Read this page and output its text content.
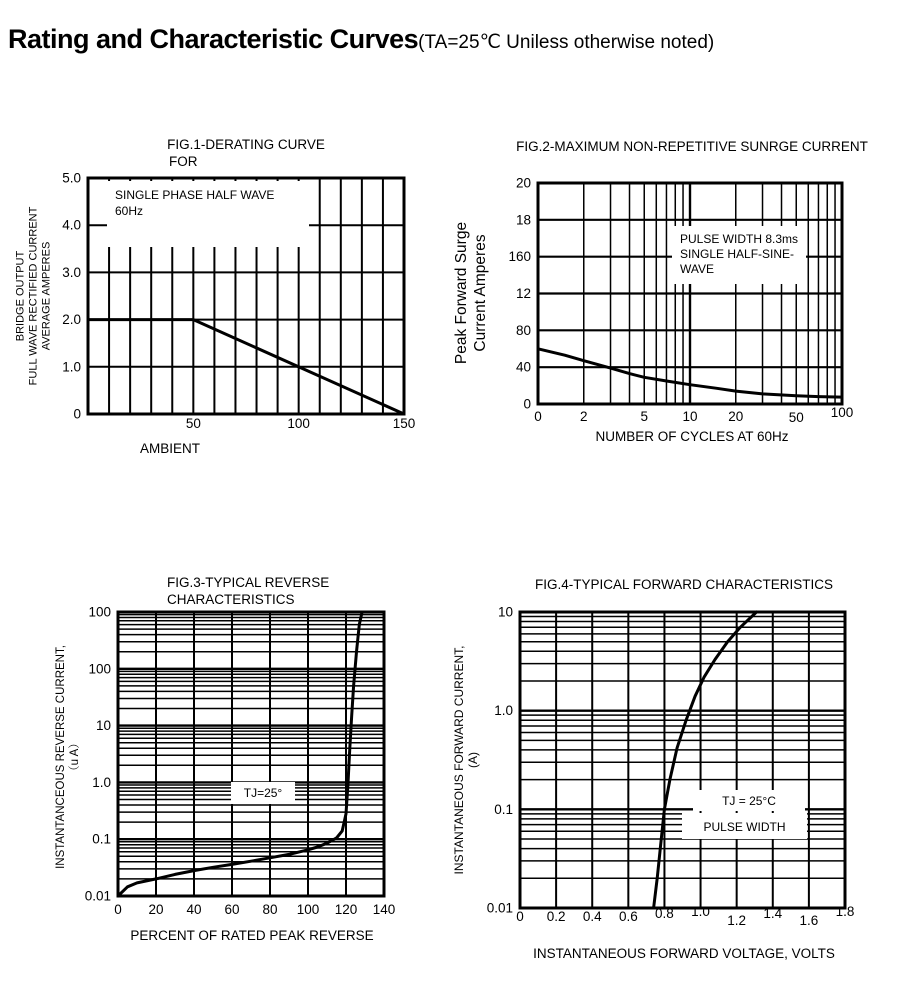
Rating and Characteristic Curves(TA=25℃ Uniless otherwise noted)
FIG.1-DERATING CURVE
FOR
50	100	150
5.0
4.0
3.0
2.0
1.0
0
SINGLE PHASE HALF WAVE
60Hz
BRIDGE OUTPUT FULL WAVE RECTIFIED CURRENT AVERAGE AMPERES
AMBIENT
FIG.2-MAXIMUM NON-REPETITIVE SUNRGE CURRENT
0	2	5	10 20	50 100
20
18
160
12
80
40
0
PULSE WIDTH 8.3ms
SINGLE HALF-SINE-
WAVE
Peak Forward Surge Current Amperes
NUMBER OF CYCLES AT 60Hz
FIG.3-TYPICAL REVERSE
CHARACTERISTICS
0 20 40 60 80 100 120 140
100
100
10
1.0
0.1
0.01
TJ=25°
INSTANTANCEOUS REVERSE CURRENT, （u A）
PERCENT OF RATED PEAK REVERSE
FIG.4-TYPICAL FORWARD CHARACTERISTICS
0 0.2 0.4 0.6 0.8 1.0
1.2 1.4 1.6
1.8
10
1.0
0.1
0.01
TJ = 25°C
PULSE WIDTH
INSTANTANEOUS FORWARD CURRENT, (A)
INSTANTANEOUS FORWARD VOLTAGE, VOLTS
